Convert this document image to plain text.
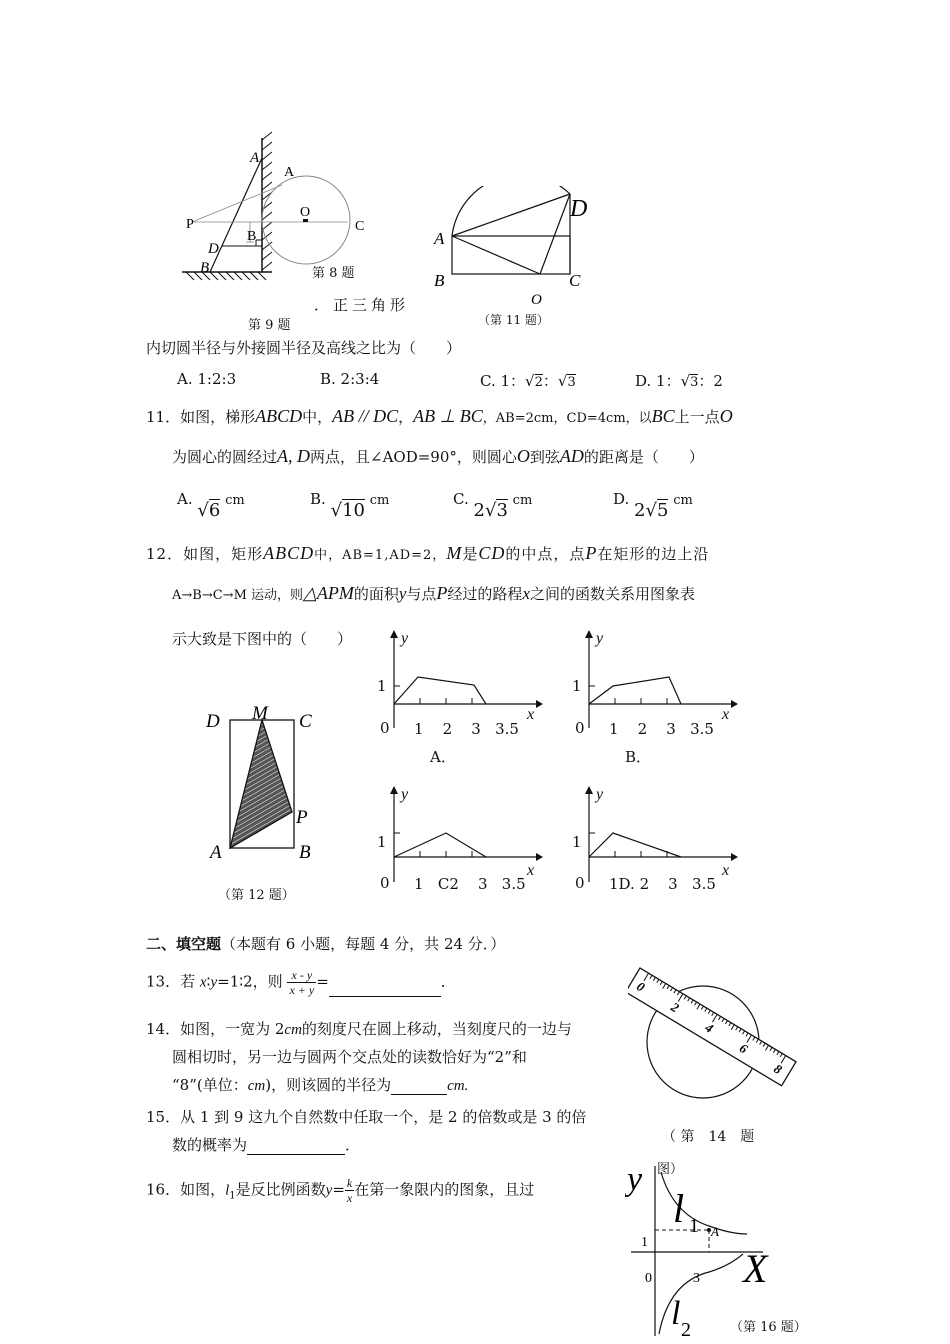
A
A
P
O
C
D
B
B	第 8 题
．正三角形
第 9 题
A
B	C
D
O
（第 11 题）
内切圆半径与外接圆半径及高线之比为（　　）
A. 1:2:3	B. 2:3:4	C. 1：√2：√3	D. 1：√3：2
11．如图，梯形ABCD中，AB // DC，AB ⊥ BC，AB=2cm，CD=4cm，以BC上一点O
为圆心的圆经过A, D两点，且∠AOD=90°，则圆心O到弦AD的距离是（　　）
A. √6 cm	B. √10 cm	C. 2√3 cm	D. 2√5 cm
12．如图，矩形ABCD中，AB=1,AD=2，M是CD的中点，点P在矩形的边上沿
A→B→C→M 运动，则△APM的面积y与点P经过的路程x之间的函数关系用图象表
示大致是下图中的（　　）
D M C
P
A	B
（第 12 题）
y
x
1
0 1    2    3   3.5
A．
y
x
1
0 1    2    3   3.5
B．
y
x
1
0 1   C2    3   3.5
y
x
1
0 1D. 2    3   3.5
二、填空题（本题有 6 小题，每题 4 分，共 24 分．）
13．若 x∶y=1∶2，则 $\frac{x - y}{x + y}$ =	．
14．如图，一宽为 2cm的刻度尺在圆上移动，当刻度尺的一边与
圆相切时，另一边与圆两个交点处的读数恰好为“2”和
“8”(单位：cm)，则该圆的半径为	cm.
0
2
4
6
8
（ 第　14　题
图）
15．从 1 到 9 这九个自然数中任取一个，是 2 的倍数或是 3 的倍
数的概率为	．
16．如图，$l_1$是反比例函数$y= \frac{k}{x}$ 在第一象限内的图象，且过	y
X
l 1
l 2
A
1
0	3
（第 16 题）
